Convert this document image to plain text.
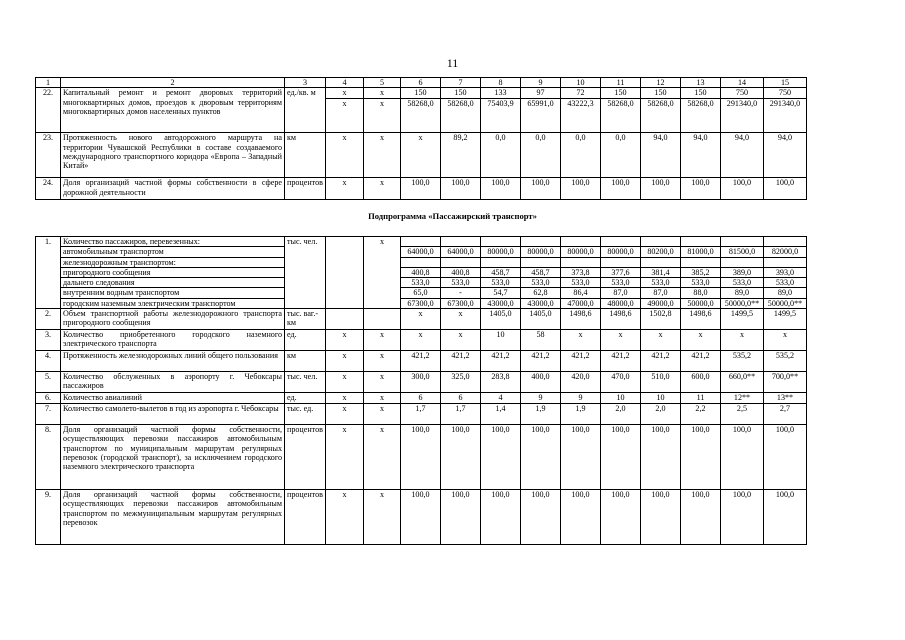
11
1	2	3	4	5	6	7	8	9	10	11	12	13	14	15
22.	Капитальный ремонт и ремонт дворовых территорий многоквартирных домов, проездов к дворовым территориям многоквартирных домов населенных пунктов	ед./кв. м	х	х	150	150	133	97	72	150	150	150	750	750
			х	х	58268,0	58268,0	75403,9	65991,0	43222,3	58268,0	58268,0	58268,0	291340,0	291340,0
23.	Протяженность нового автодорожного маршрута на территории Чувашской Республики в составе создаваемого международного транспортного коридора «Европа – Западный Китай»	км	х	х	х	89,2	0,0	0,0	0,0	0,0	94,0	94,0	94,0	94,0
24.	Доля организаций частной формы собственности в сфере дорожной деятельности	процентов	х	х	100,0	100,0	100,0	100,0	100,0	100,0	100,0	100,0	100,0	100,0
Подпрограмма «Пассажирский транспорт»
1.	Количество пассажиров, перевезенных:	тыс. чел.		х										
	автомобильным транспортом				64000,0	64000,0	80000,0	80000,0	80000,0	80000,0	80200,0	81000,0	81500,0	82000,0
	железнодорожным транспортом:													
	пригородного сообщения				400,8	400,8	458,7	458,7	373,8	377,6	381,4	385,2	389,0	393,0
	дальнего следования				533,0	533,0	533,0	533,0	533,0	533,0	533,0	533,0	533,0	533,0
	внутренним водным транспортом				65,0	-	54,7	62,8	86,4	87,0	87,0	88,0	89,0	89,0
	городским наземным электрическим транспортом				67300,0	67300,0	43000,0	43000,0	47000,0	48000,0	49000,0	50000,0	50000,0**	50000,0**
2.	Объем транспортной работы железнодорожного транспорта пригородного сообщения	тыс. ваг.-км			х	х	1405,0	1405,0	1498,6	1498,6	1502,8	1498,6	1499,5	1499,5
3.	Количество приобретенного городского наземного электрического транспорта	ед.	х	х	х	х	10	58	х	х	х	х	х	х
4.	Протяженность железнодорожных линий общего пользования	км	х	х	421,2	421,2	421,2	421,2	421,2	421,2	421,2	421,2	535,2	535,2
5.	Количество обслуженных в аэропорту г. Чебоксары пассажиров	тыс. чел.	х	х	300,0	325,0	283,8	400,0	420,0	470,0	510,0	600,0	660,0**	700,0**
6.	Количество авиалиний	ед.	х	х	6	6	4	9	9	10	10	11	12**	13**
7.	Количество самолето-вылетов в год из аэропорта г. Чебоксары	тыс. ед.	х	х	1,7	1,7	1,4	1,9	1,9	2,0	2,0	2,2	2,5	2,7
8.	Доля организаций частной формы собственности, осуществляющих перевозки пассажиров автомобильным транспортом по муниципальным маршрутам регулярных перевозок (городской транспорт), за исключением городского наземного электрического транспорта	процентов	х	х	100,0	100,0	100,0	100,0	100,0	100,0	100,0	100,0	100,0	100,0
9.	Доля организаций частной формы собственности, осуществляющих перевозки пассажиров автомобильным транспортом по межмуниципальным маршрутам регулярных перевозок	процентов	х	х	100,0	100,0	100,0	100,0	100,0	100,0	100,0	100,0	100,0	100,0
